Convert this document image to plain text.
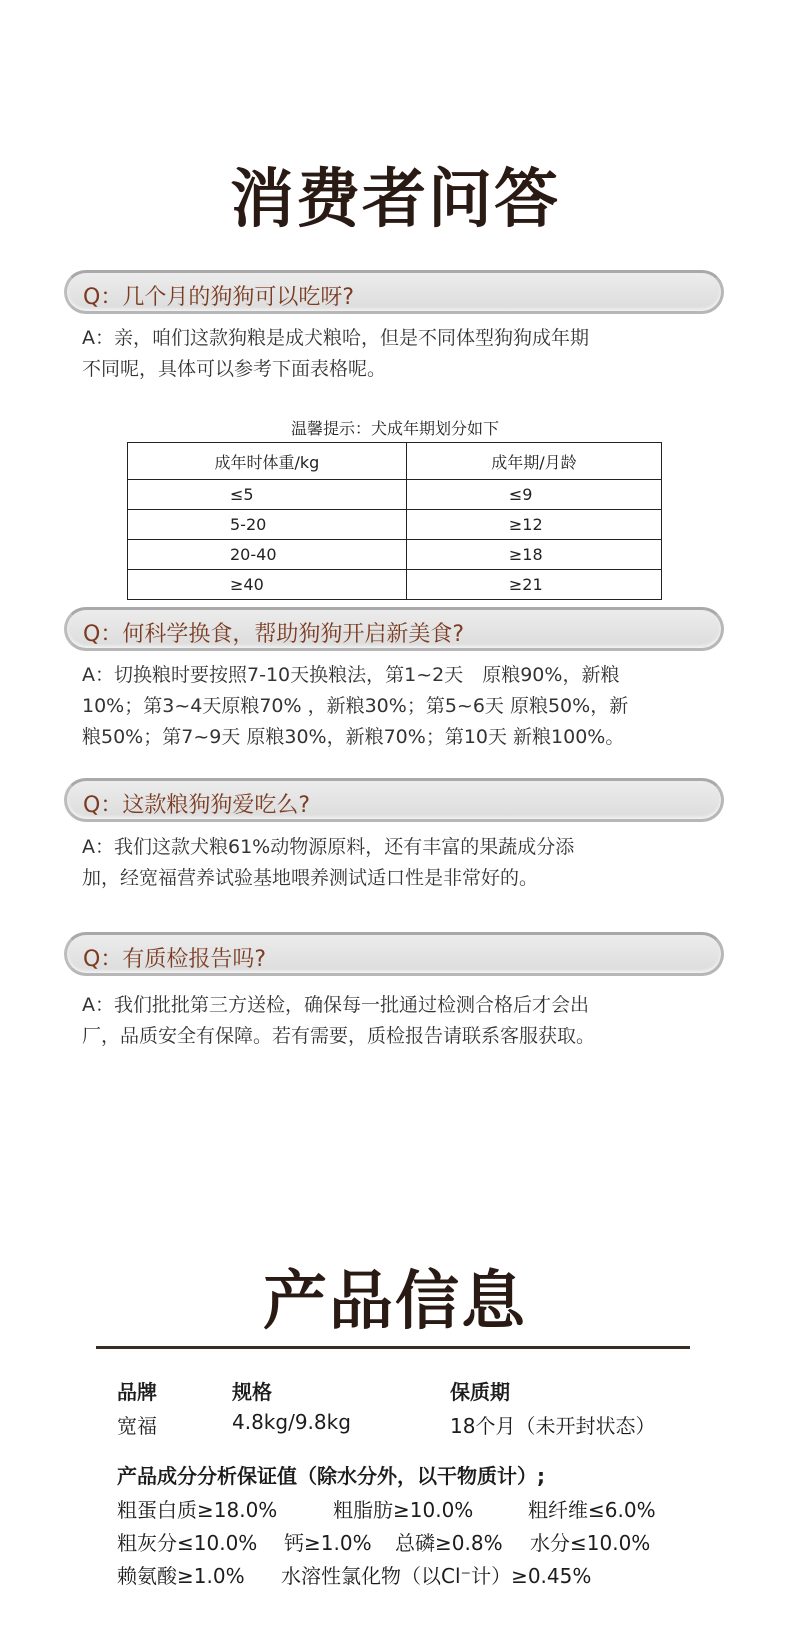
消费者问答
Q：几个月的狗狗可以吃呀?
A：亲，咱们这款狗粮是成犬粮哈，但是不同体型狗狗成年期
不同呢，具体可以参考下面表格呢。
温馨提示：犬成年期划分如下
成年时体重/kg	成年期/月龄
≤5	≤9
5-20	≥12
20-40	≥18
≥40	≥21
Q：何科学换食，帮助狗狗开启新美食?
A：切换粮时要按照7-10天换粮法，第1~2天　原粮90%，新粮
10%；第3~4天原粮70% ，新粮30%；第5~6天 原粮50%，新
粮50%；第7~9天 原粮30%，新粮70%；第10天 新粮100%。
Q：这款粮狗狗爱吃么?
A：我们这款犬粮61%动物源原料，还有丰富的果蔬成分添
加，经宽福营养试验基地喂养测试适口性是非常好的。
Q：有质检报告吗?
A：我们批批第三方送检，确保每一批通过检测合格后才会出
厂，品质安全有保障。若有需要，质检报告请联系客服获取。
产品信息
品牌	规格	保质期
宽福	4.8kg/9.8kg	18个月（未开封状态）
产品成分分析保证值（除水分外，以干物质计）;
粗蛋白质≥18.0%	粗脂肪≥10.0%	粗纤维≤6.0%
粗灰分≤10.0% 钙≥1.0% 总磷≥0.8% 水分≤10.0%
赖氨酸≥1.0% 水溶性氯化物（以Cl⁻计）≥0.45%
